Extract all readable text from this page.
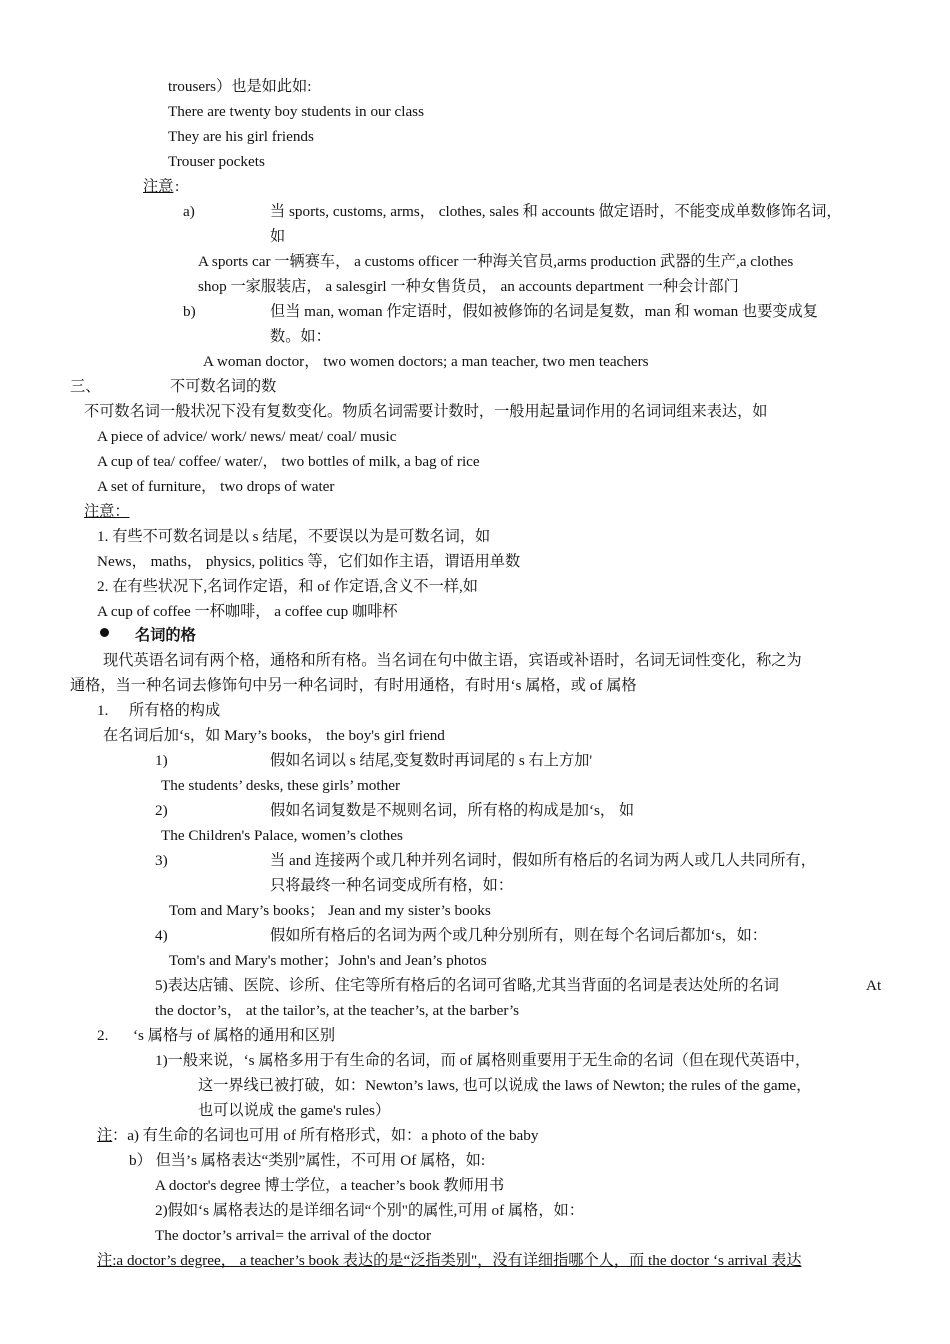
trousers）也是如此如:
There are twenty boy students in our class
They are his girl friends
Trouser pockets
注意 :
a)	当 sports, customs, arms， clothes, sales 和 accounts 做定语时，不能变成单数修饰名词，
如
A sports car 一辆赛车， a customs officer 一种海关官员,arms production 武器的生产,a clothes
shop 一家服装店， a salesgirl 一种女售货员， an accounts department 一种会计部门
b)	但当 man, woman 作定语时，假如被修饰的名词是复数，man 和 woman 也要变成复
数。如：
A woman doctor， two women doctors; a man teacher, two men teachers
三、	不可数名词的数
不可数名词一般状况下没有复数变化。物质名词需要计数时，一般用起量词作用的名词词组来表达，如
A piece of advice/ work/ news/ meat/ coal/ music
A cup of tea/ coffee/ water/， two bottles of milk, a bag of rice
A set of furniture， two drops of water
注意：
1. 有些不可数名词是以 s 结尾，不要误以为是可数名词，如
News， maths， physics, politics 等，它们如作主语，谓语用单数
2. 在有些状况下,名词作定语，和 of 作定语,含义不一样,如
A cup of coffee 一杯咖啡， a coffee cup 咖啡杯
名词的格
现代英语名词有两个格，通格和所有格。当名词在句中做主语，宾语或补语时，名词无词性变化，称之为
通格，当一种名词去修饰句中另一种名词时，有时用通格，有时用‘s 属格，或 of 属格
1. 所有格的构成
在名词后加‘s，如 Mary’s books， the boy's girl friend
1)	假如名词以 s 结尾,变复数时再词尾的 s 右上方加'
The students’ desks, these girls’ mother
2)	假如名词复数是不规则名词，所有格的构成是加‘s， 如
The Children's Palace, women’s clothes
3)	当 and 连接两个或几种并列名词时，假如所有格后的名词为两人或几人共同所有，
只将最终一种名词变成所有格，如：
Tom and Mary’s books； Jean and my sister’s books
4)	假如所有格后的名词为两个或几种分别所有，则在每个名词后都加‘s，如：
Tom's and Mary's mother；John's and Jean’s photos
5)表达店铺、医院、诊所、住宅等所有格后的名词可省略,尤其当背面的名词是表达处所的名词	At
the doctor’s， at the tailor’s, at the teacher’s, at the barber’s
2. ‘s 属格与 of 属格的通用和区别
1)一般来说，‘s 属格多用于有生命的名词，而 of 属格则重要用于无生命的名词（但在现代英语中，
这一界线已被打破，如：Newton’s laws, 也可以说成 the laws of Newton; the rules of the game，
也可以说成 the game's rules）
注 ：a) 有生命的名词也可用 of 所有格形式，如：a photo of the baby
b） 但当’s 属格表达“类别”属性，不可用 Of 属格，如:
A doctor's degree 博士学位，a teacher’s book 教师用书
2)假如‘s 属格表达的是详细名词“个别"的属性,可用 of 属格，如：
The doctor’s arrival= the arrival of the doctor
注:a doctor’s degree， a teacher’s book 表达的是“泛指类别"，没有详细指哪个人，而 the doctor ‘s arrival 表达
